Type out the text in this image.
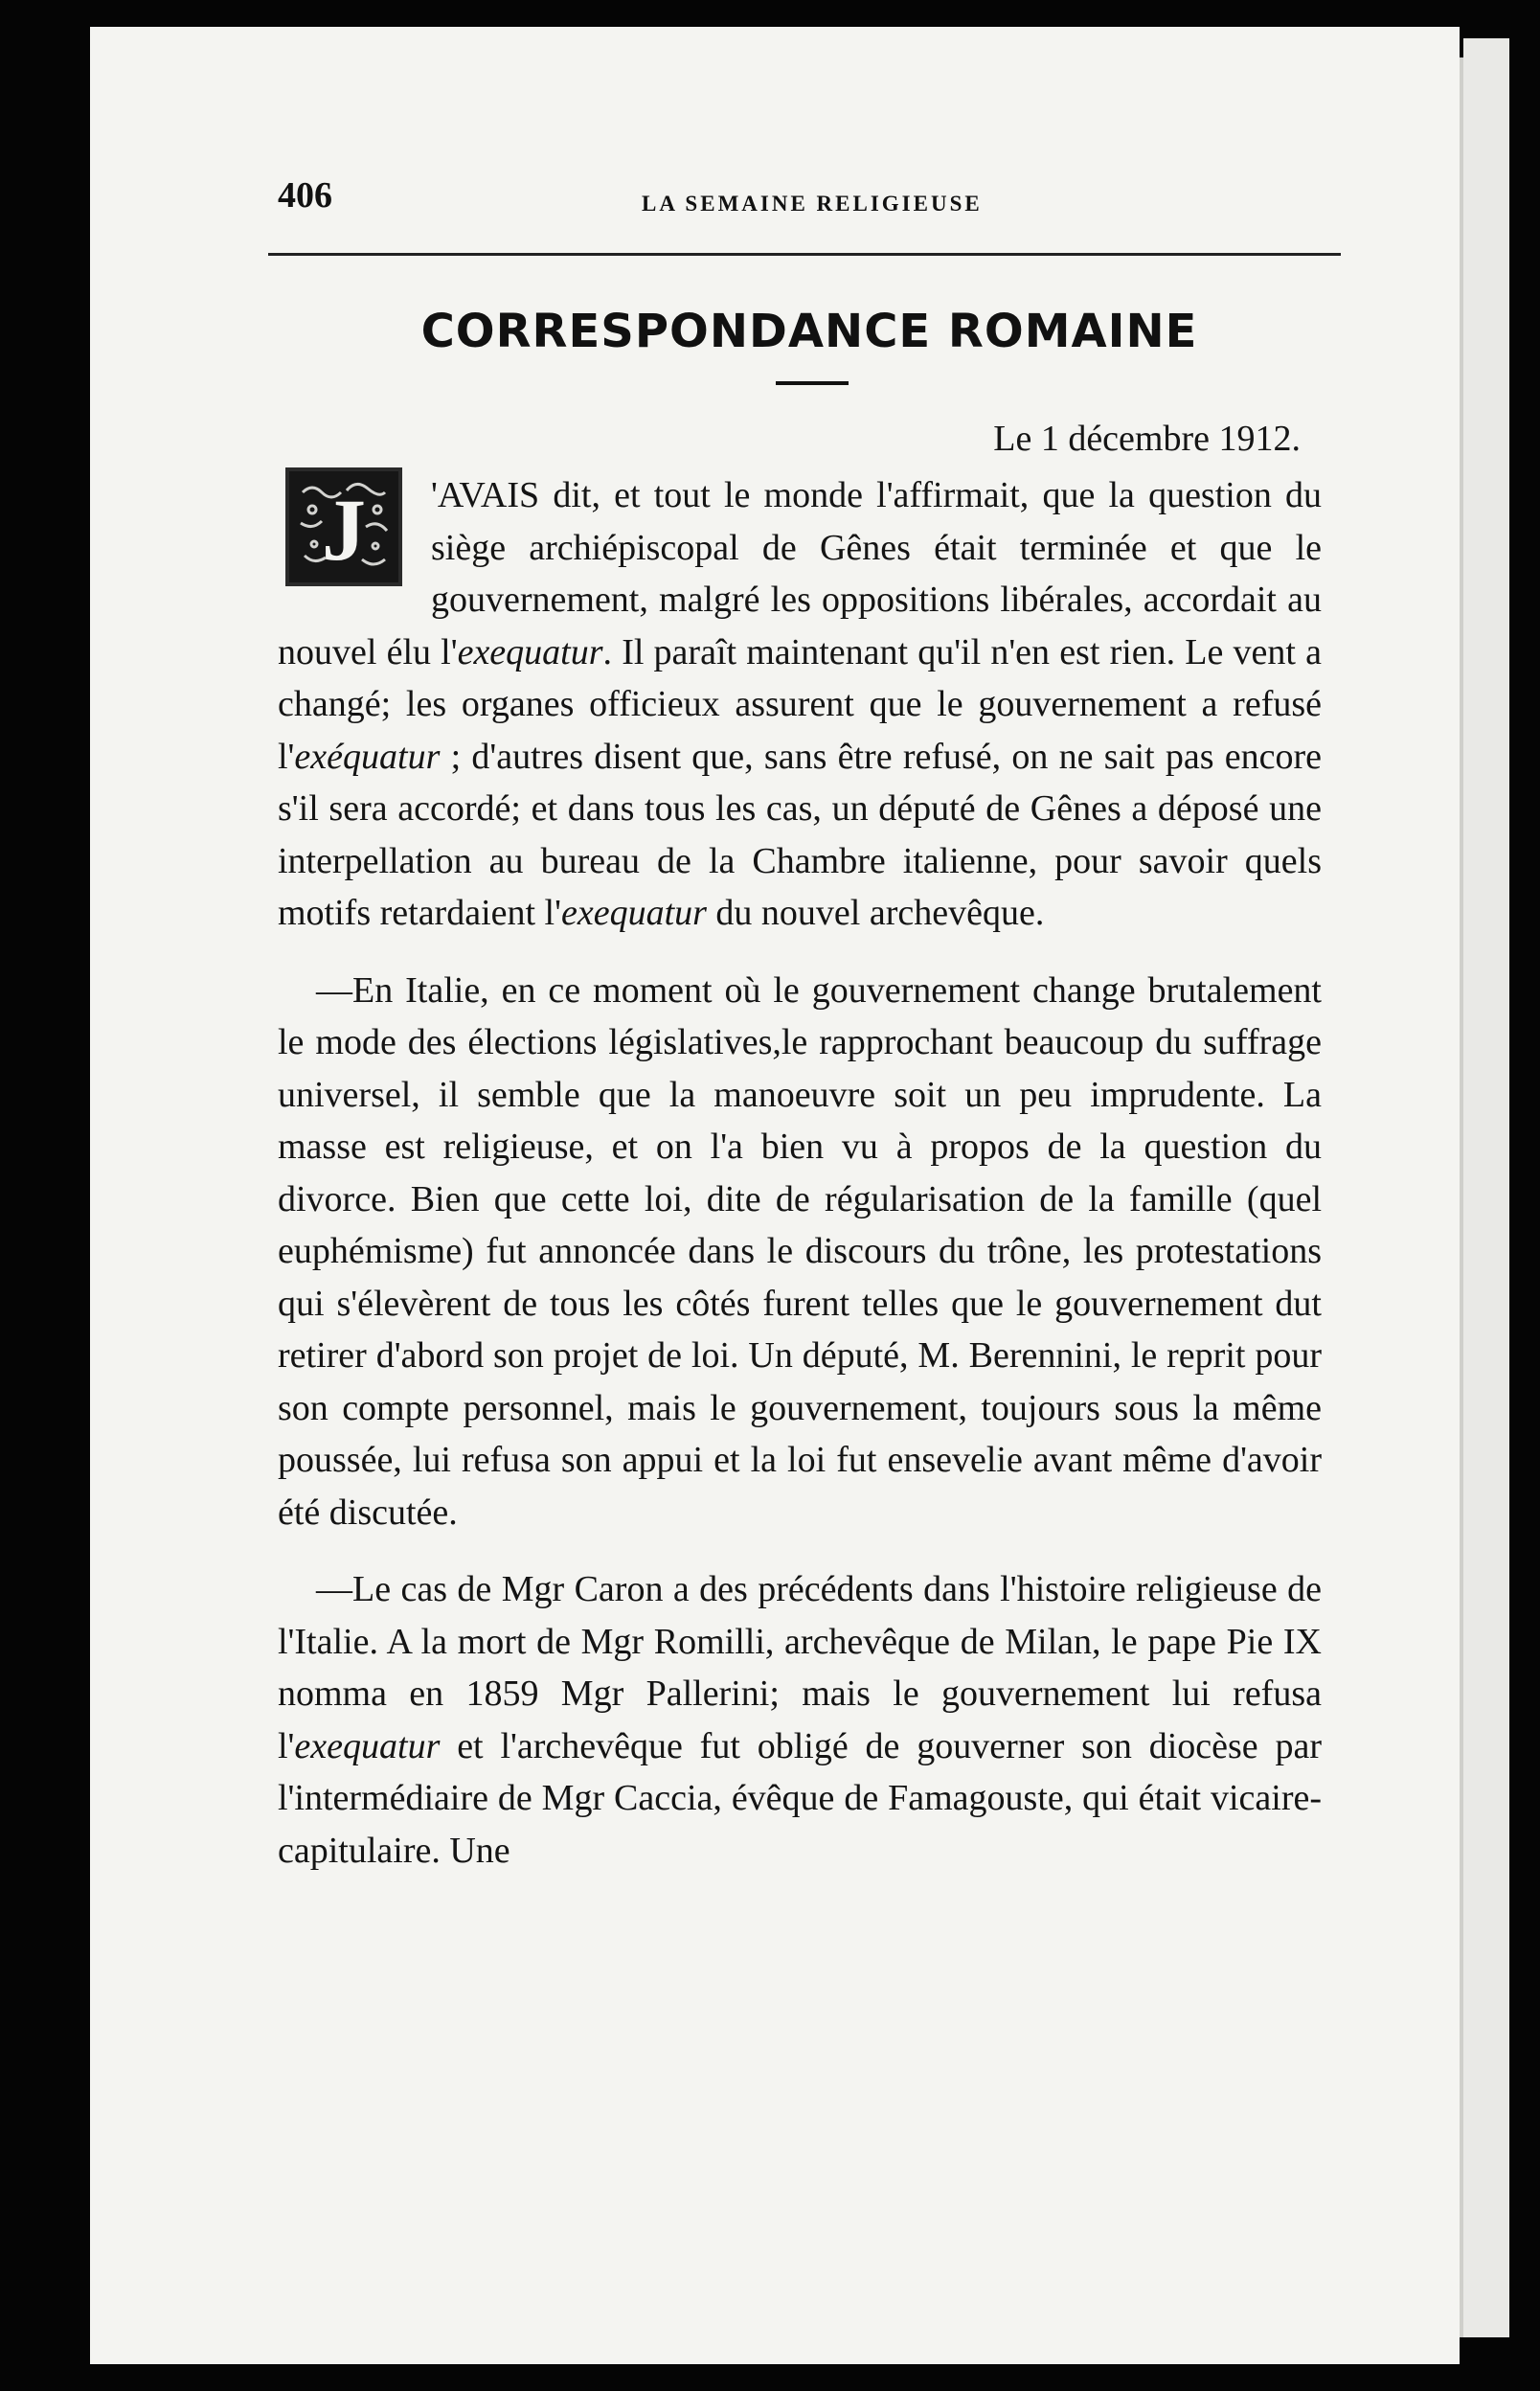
406	LA SEMAINE RELIGIEUSE
CORRESPONDANCE ROMAINE
Le 1 décembre 1912.
J	'AVAIS dit, et tout le monde l'affirmait, que la question du siège archiépiscopal de Gênes était terminée et que le gouvernement, malgré les oppositions libérales, accordait au nouvel élu l'exequatur. Il paraît maintenant qu'il n'en est rien. Le vent a changé; les organes officieux assurent que le gouvernement a refusé l'exéquatur ; d'autres disent que, sans être refusé, on ne sait pas encore s'il sera accordé; et dans tous les cas, un député de Gênes a déposé une interpellation au bureau de la Chambre italienne, pour savoir quels motifs retardaient l'exequatur du nouvel archevêque.

—En Italie, en ce moment où le gouvernement change brutalement le mode des élections législatives,le rapprochant beaucoup du suffrage universel, il semble que la manoeuvre soit un peu imprudente. La masse est religieuse, et on l'a bien vu à propos de la question du divorce. Bien que cette loi, dite de régularisation de la famille (quel euphémisme) fut annoncée dans le discours du trône, les protestations qui s'élevèrent de tous les côtés furent telles que le gouvernement dut retirer d'abord son projet de loi. Un député, M. Berennini, le reprit pour son compte personnel, mais le gouvernement, toujours sous la même poussée, lui refusa son appui et la loi fut ensevelie avant même d'avoir été discutée.

—Le cas de Mgr Caron a des précédents dans l'histoire religieuse de l'Italie. A la mort de Mgr Romilli, archevêque de Milan, le pape Pie IX nomma en 1859 Mgr Pallerini; mais le gouvernement lui refusa l'exequatur et l'archevêque fut obligé de gouverner son diocèse par l'intermédiaire de Mgr Caccia, évêque de Famagouste, qui était vicaire-capitulaire. Une
